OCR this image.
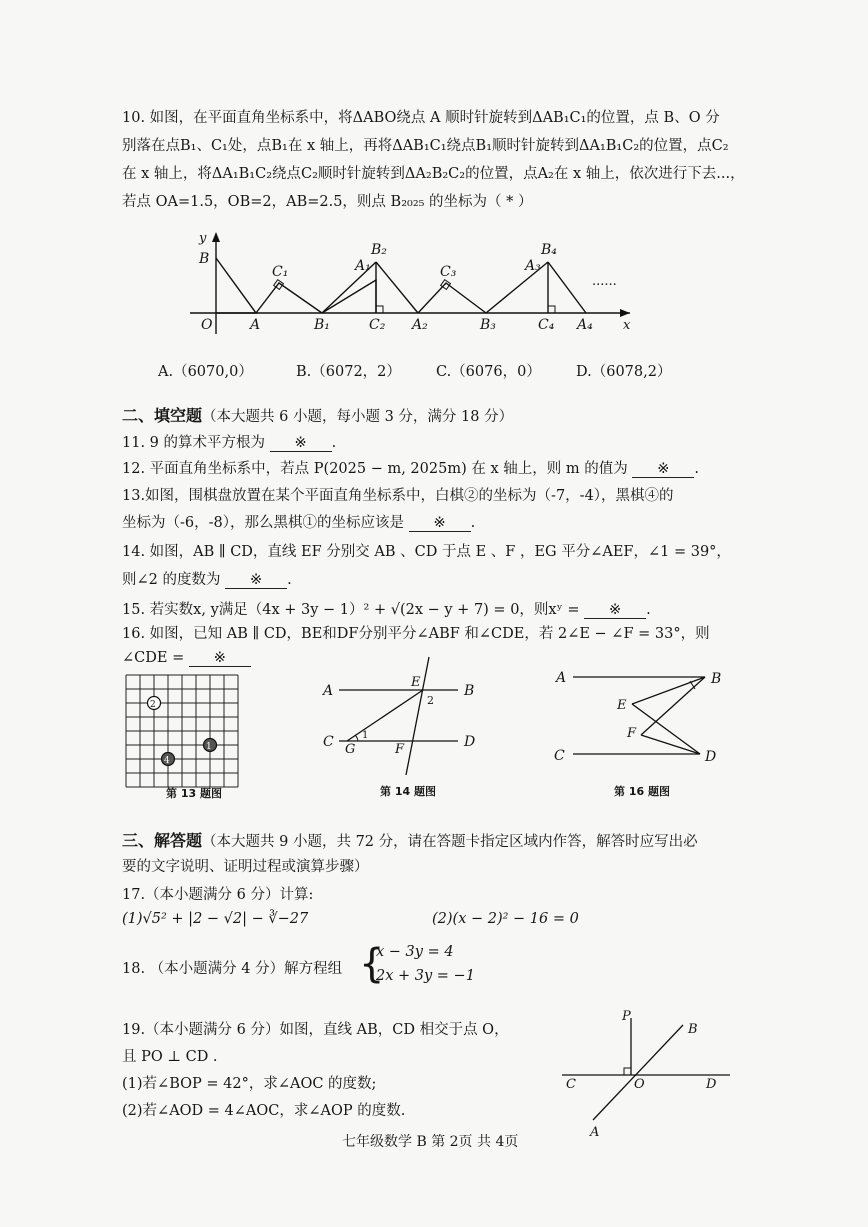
10. 如图，在平面直角坐标系中，将ΔABO绕点 A 顺时针旋转到ΔAB₁C₁的位置，点 B、O 分
别落在点B₁、C₁处，点B₁在 x 轴上，再将ΔAB₁C₁绕点B₁顺时针旋转到ΔA₁B₁C₂的位置，点C₂
在 x 轴上，将ΔA₁B₁C₂绕点C₂顺时针旋转到ΔA₂B₂C₂的位置，点A₂在 x 轴上，依次进行下去...，
若点 OA=1.5，OB=2，AB=2.5，则点 B₂₀₂₅ 的坐标为（ * ）
y
B
O	A
C₁
B₁
A₁
B₂
C₂ A₂
C₃
B₃
A₃
B₄
C₄ A₄ x
......
A.（6070,0）	B.（6072，2） C.（6076，0） D.（6078,2）
二、填空题（本大题共 6 小题，每小题 3 分，满分 18 分）
11. 9 的算术平方根为 ※ .
12. 平面直角坐标系中，若点 P(2025 − m, 2025m) 在 x 轴上，则 m 的值为 ※ .
13.如图，围棋盘放置在某个平面直角坐标系中，白棋②的坐标为（-7，-4），黑棋④的
坐标为（-6，-8），那么黑棋①的坐标应该是 ※ .
14. 如图，AB ∥ CD，直线 EF 分别交 AB 、CD 于点 E 、F ，EG 平分∠AEF，∠1 = 39°，
则∠2 的度数为 ※ .
15. 若实数x, y满足（4x + 3y − 1）² + √(2x − y + 7) = 0，则xʸ = ※ .
16. 如图，已知 AB ∥ CD，BE和DF分别平分∠ABF 和∠CDE，若 2∠E − ∠F = 33°，则
∠CDE = ※
2
4
1
第 13 题图
A	B
C	D
E
F
G
1
2
第 14 题图
A	B
C	D
E
F
第 16 题图
三、解答题（本大题共 9 小题，共 72 分，请在答题卡指定区域内作答，解答时应写出必
要的文字说明、证明过程或演算步骤）
17.（本小题满分 6 分）计算:
(1)√5² + |2 − √2| − ∛−27	(2)(x − 2)² − 16 = 0
18. （本小题满分 4 分）解方程组 {
x − 3y = 4
2x + 3y = −1
19.（本小题满分 6 分）如图，直线 AB，CD 相交于点 O，
且 PO ⊥ CD .
(1)若∠BOP = 42°，求∠AOC 的度数;
(2)若∠AOD = 4∠AOC，求∠AOP 的度数.
P
B
C	O	D
A
七年级数学 B 第 2页 共 4页
